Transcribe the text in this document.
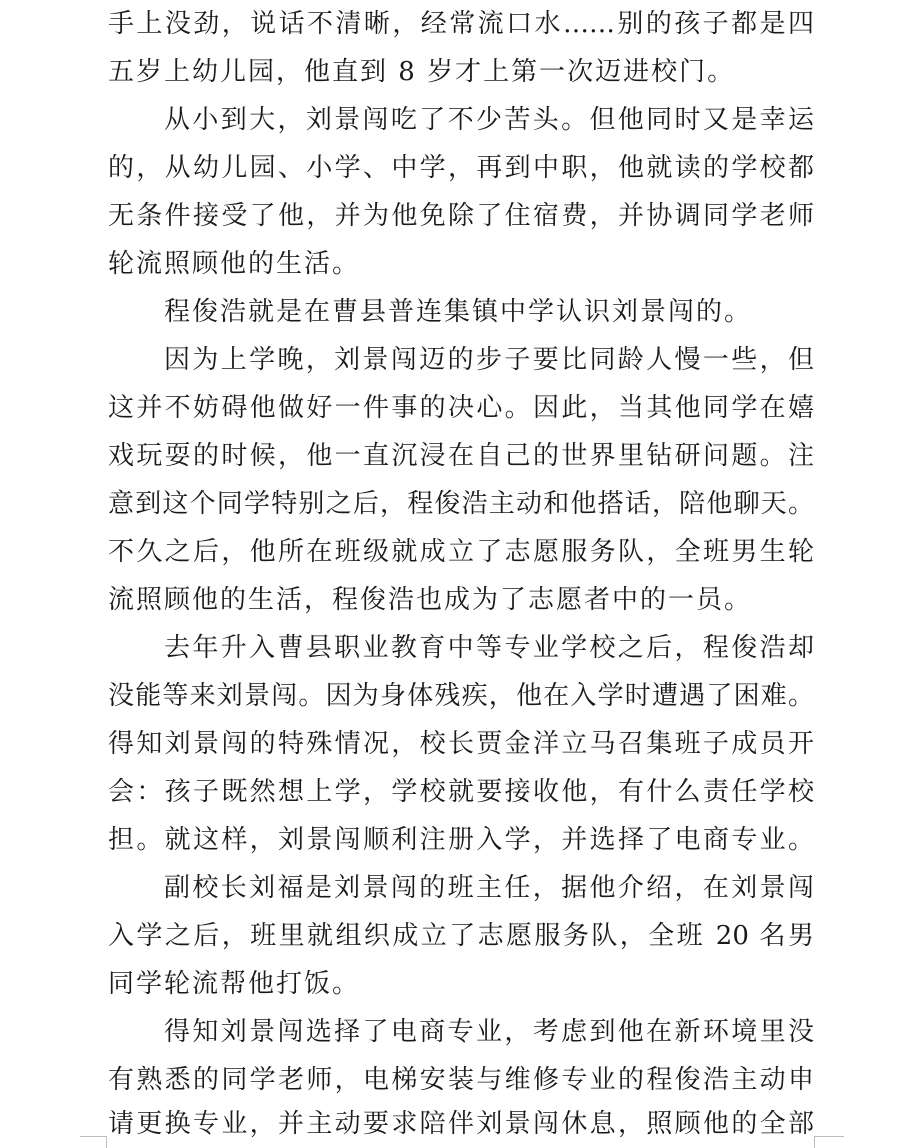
手上没劲，说话不清晰，经常流口水……别的孩子都是四
五岁上幼儿园，他直到 8 岁才上第一次迈进校门。
从小到大，刘景闯吃了不少苦头。但他同时又是幸运
的，从幼儿园、小学、中学，再到中职，他就读的学校都
无条件接受了他，并为他免除了住宿费，并协调同学老师
轮流照顾他的生活。
程俊浩就是在曹县普连集镇中学认识刘景闯的。
因为上学晚，刘景闯迈的步子要比同龄人慢一些，但
这并不妨碍他做好一件事的决心。因此，当其他同学在嬉
戏玩耍的时候，他一直沉浸在自己的世界里钻研问题。注
意到这个同学特别之后，程俊浩主动和他搭话，陪他聊天。
不久之后，他所在班级就成立了志愿服务队，全班男生轮
流照顾他的生活，程俊浩也成为了志愿者中的一员。
去年升入曹县职业教育中等专业学校之后，程俊浩却
没能等来刘景闯。因为身体残疾，他在入学时遭遇了困难。
得知刘景闯的特殊情况，校长贾金洋立马召集班子成员开
会：孩子既然想上学，学校就要接收他，有什么责任学校
担。就这样，刘景闯顺利注册入学，并选择了电商专业。
副校长刘福是刘景闯的班主任，据他介绍，在刘景闯
入学之后，班里就组织成立了志愿服务队，全班 20 名男
同学轮流帮他打饭。
得知刘景闯选择了电商专业，考虑到他在新环境里没
有熟悉的同学老师，电梯安装与维修专业的程俊浩主动申
请更换专业，并主动要求陪伴刘景闯休息，照顾他的全部
